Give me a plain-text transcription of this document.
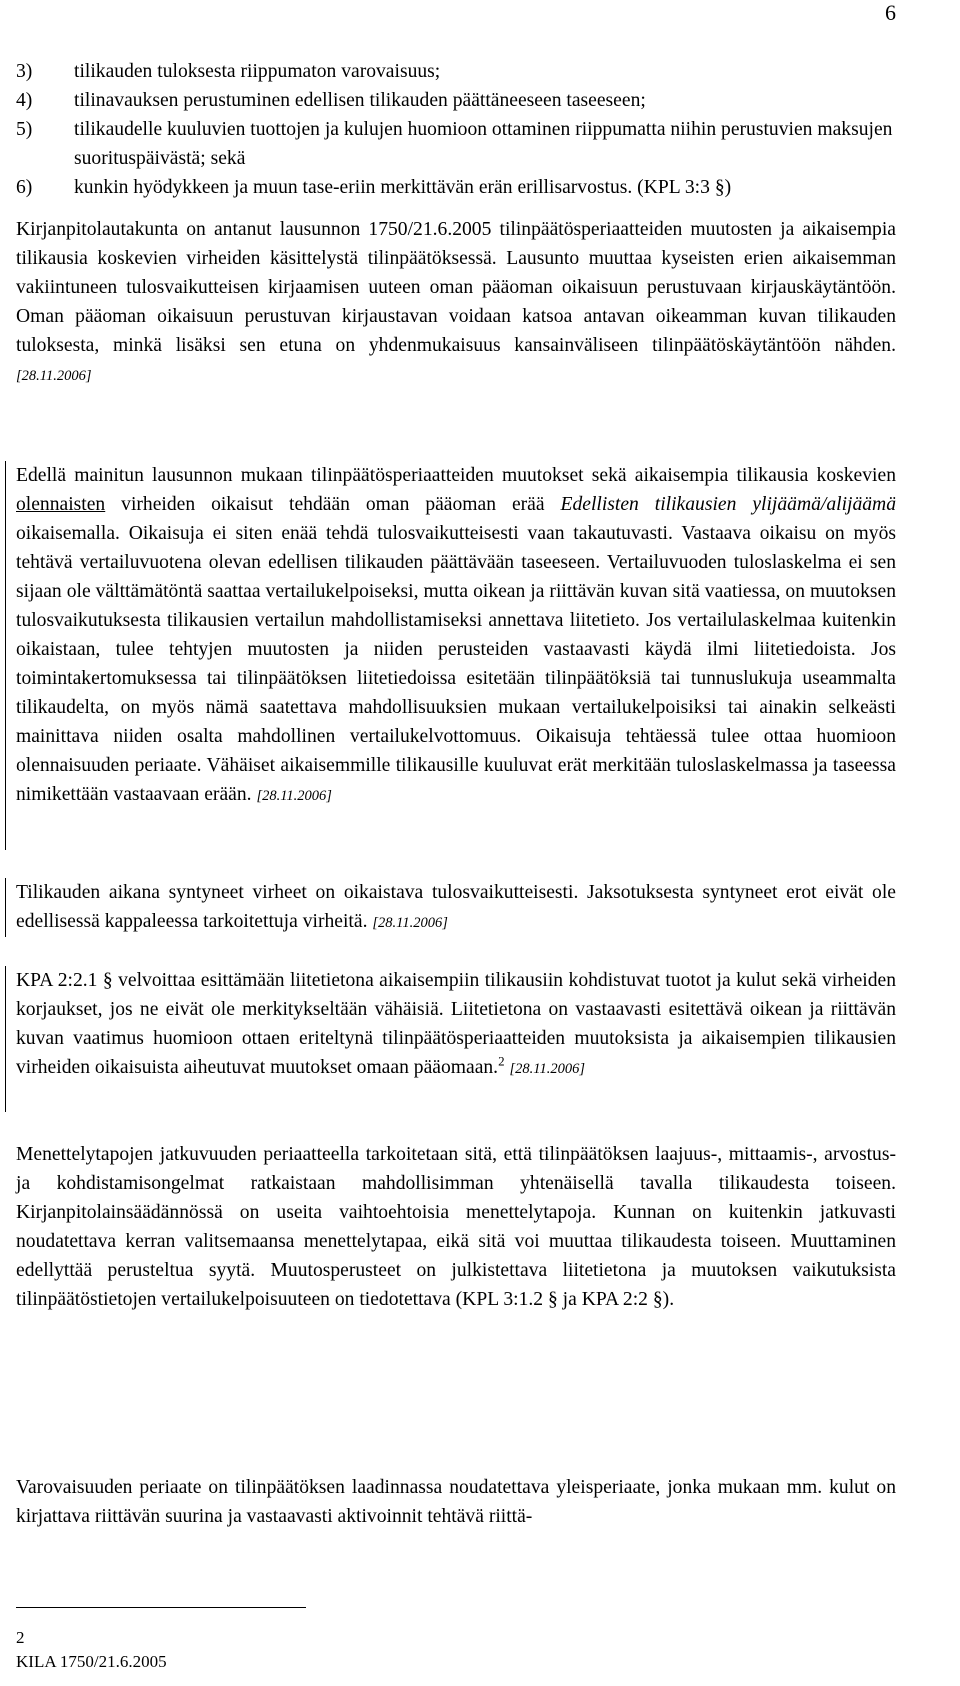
6
3)	tilikauden tuloksesta riippumaton varovaisuus;
4)	tilinavauksen perustuminen edellisen tilikauden päättäneeseen taseeseen;
5)	tilikaudelle kuuluvien tuottojen ja kulujen huomioon ottaminen riippumatta niihin perustuvien maksujen suorituspäivästä; sekä
6)	kunkin hyödykkeen ja muun tase-eriin merkittävän erän erillisarvostus. (KPL 3:3 §)

Kirjanpitolautakunta on antanut lausunnon 1750/21.6.2005 tilinpäätösperiaatteiden muutosten ja aikaisempia tilikausia koskevien virheiden käsittelystä tilinpäätöksessä. Lausunto muuttaa kyseisten erien aikaisemman vakiintuneen tulosvaikutteisen kirjaamisen uuteen oman pääoman oikaisuun perustuvaan kirjauskäytäntöön. Oman pääoman oikaisuun perustuvan kirjaustavan voidaan katsoa antavan oikeamman kuvan tilikauden tuloksesta, minkä lisäksi sen etuna on yhdenmukaisuus kansainväliseen tilinpäätöskäytäntöön nähden. [28.11.2006]

Edellä mainitun lausunnon mukaan tilinpäätösperiaatteiden muutokset sekä aikaisempia tilikausia koskevien olennaisten virheiden oikaisut tehdään oman pääoman erää Edellisten tilikausien ylijäämä/alijäämä oikaisemalla. Oikaisuja ei siten enää tehdä tulosvaikutteisesti vaan takautuvasti. Vastaava oikaisu on myös tehtävä vertailuvuotena olevan edellisen tilikauden päättävään taseeseen. Vertailuvuoden tuloslaskelma ei sen sijaan ole välttämätöntä saattaa vertailukelpoiseksi, mutta oikean ja riittävän kuvan sitä vaatiessa, on muutoksen tulosvaikutuksesta tilikausien vertailun mahdollistamiseksi annettava liitetieto. Jos vertailulaskelmaa kuitenkin oikaistaan, tulee tehtyjen muutosten ja niiden perusteiden vastaavasti käydä ilmi liitetiedoista. Jos toimintakertomuksessa tai tilinpäätöksen liitetiedoissa esitetään tilinpäätöksiä tai tunnuslukuja useammalta tilikaudelta, on myös nämä saatettava mahdollisuuksien mukaan vertailukelpoisiksi tai ainakin selkeästi mainittava niiden osalta mahdollinen vertailukelvottomuus. Oikaisuja tehtäessä tulee ottaa huomioon olennaisuuden periaate. Vähäiset aikaisemmille tilikausille kuuluvat erät merkitään tuloslaskelmassa ja taseessa nimikettään vastaavaan erään. [28.11.2006]

Tilikauden aikana syntyneet virheet on oikaistava tulosvaikutteisesti. Jaksotuksesta syntyneet erot eivät ole edellisessä kappaleessa tarkoitettuja virheitä. [28.11.2006]

KPA 2:2.1 § velvoittaa esittämään liitetietona aikaisempiin tilikausiin kohdistuvat tuotot ja kulut sekä virheiden korjaukset, jos ne eivät ole merkitykseltään vähäisiä. Liitetietona on vastaavasti esitettävä oikean ja riittävän kuvan vaatimus huomioon ottaen eriteltynä tilinpäätösperiaatteiden muutoksista ja aikaisempien tilikausien virheiden oikaisuista aiheutuvat muutokset omaan pääomaan.$^2$ [28.11.2006]

Menettelytapojen jatkuvuuden periaatteella tarkoitetaan sitä, että tilinpäätöksen laajuus-, mittaamis-, arvostus- ja kohdistamisongelmat ratkaistaan mahdollisimman yhtenäisellä tavalla tilikaudesta toiseen. Kirjanpitolainsäädännössä on useita vaihtoehtoisia menettelytapoja. Kunnan on kuitenkin jatkuvasti noudatettava kerran valitsemaansa menettelytapaa, eikä sitä voi muuttaa tilikaudesta toiseen. Muuttaminen edellyttää perusteltua syytä. Muutosperusteet on julkistettava liitetietona ja muutoksen vaikutuksista tilinpäätöstietojen vertailukelpoisuuteen on tiedotettava (KPL 3:1.2 § ja KPA 2:2 §).

Varovaisuuden periaate on tilinpäätöksen laadinnassa noudatettava yleisperiaate, jonka mukaan mm. kulut on kirjattava riittävän suurina ja vastaavasti aktivoinnit tehtävä riittä-

2
KILA 1750/21.6.2005
